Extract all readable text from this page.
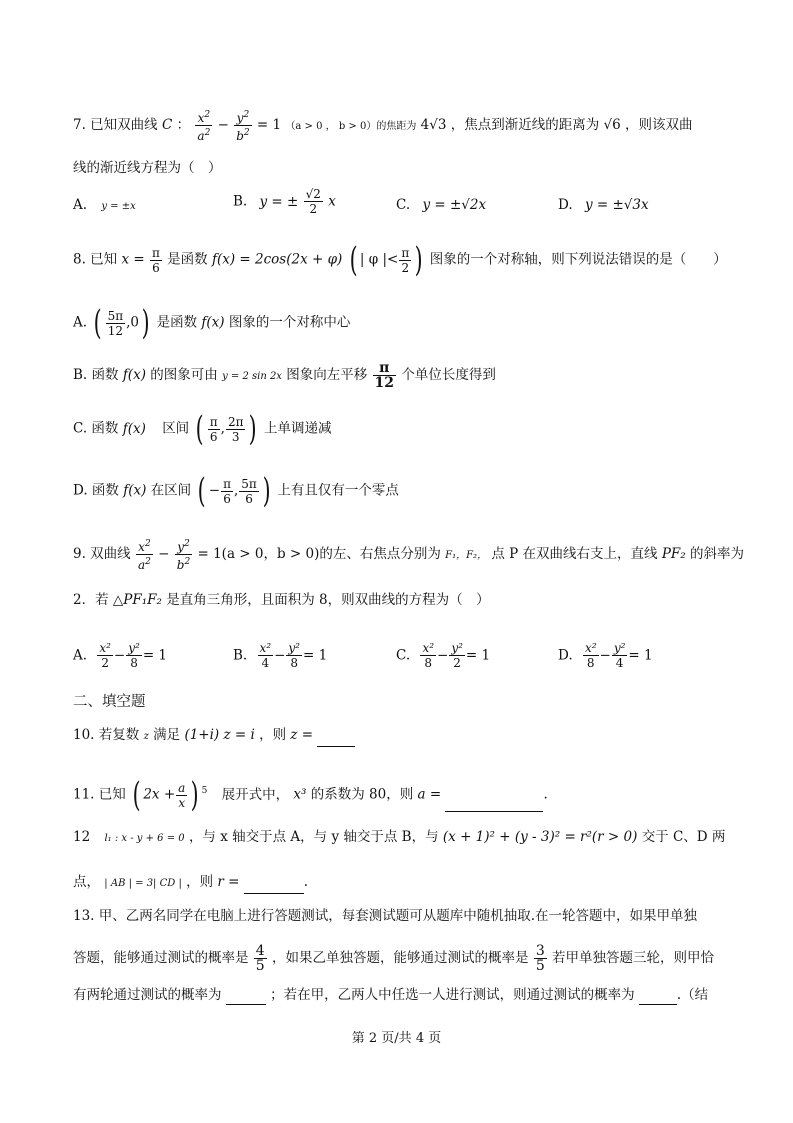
7. 已知双曲线 C ： $\frac{x^2}{a^2} - \frac{y^2}{b^2} = 1$ （a > 0 ， b > 0）的焦距为 4√3 ，焦点到渐近线的距离为 √6 ，则该双曲
线的渐近线方程为（　）
A. y = ±x	B. y = ± $\frac{√2}{2}$ x	C. y = ±√2x	D. y = ±√3x
8. 已知 $x = \frac{\pi}{6}$ 是函数 f(x) = 2cos(2x + φ) ( | φ |< $\frac{\pi}{2}$ ) 图象的一个对称轴，则下列说法错误的是（　　）
A. ( $\frac{5\pi}{12} ,0$) 是函数 f(x) 图象的一个对称中心
B. 函数 f(x) 的图象可由 y = 2 sin 2x 图象向左平移 $\frac{\pi}{12}$ 个单位长度得到
C. 函数 f(x) 区间 ( $\frac{\pi}{6}$ , $\frac{2\pi}{3}$ ) 上单调递减
D. 函数 f(x) 在区间 ( − $\frac{\pi}{6}$ , $\frac{5\pi}{6}$ ) 上有且仅有一个零点
9. 双曲线 $\frac{x^2}{a^2} - \frac{y^2}{b^2} = 1(a > 0$，b > 0)的左、右焦点分别为 F₁，F₂， 点 P 在双曲线右支上，直线 PF₂ 的斜率为
2．若 △PF₁F₂ 是直角三角形，且面积为 8，则双曲线的方程为（　）
A. $\frac{\text{x²}}{2} - \frac{\text{y²}}{8} = 1$	B. $\frac{\text{x²}}{4} - \frac{\text{y²}}{8} = 1$	C. $\frac{\text{x²}}{8} - \frac{\text{y²}}{2} = 1$	D. $\frac{\text{x²}}{8} - \frac{\text{y²}}{4} = 1$
二、填空题
10. 若复数 z 满足 (1+i) z = i ，则 z =
11. 已知 ( $2x + \frac{a}{x}$ ) $^5$ 展开式中， x³ 的系数为 80，则 a =	.
12 l₁ : x - y + 6 = 0 ，与 x 轴交于点 A，与 y 轴交于点 B，与 (x + 1)² + (y - 3)² = r²(r > 0) 交于 C、D 两
点， | AB | = 3| CD | ，则 r =	.
13. 甲、乙两名同学在电脑上进行答题测试，每套测试题可从题库中随机抽取.在一轮答题中，如果甲单独
答题，能够通过测试的概率是 $\frac{4}{5}$ ，如果乙单独答题，能够通过测试的概率是 $\frac{3}{5}$ 若甲单独答题三轮，则甲恰
有两轮通过测试的概率为	；若在甲，乙两人中任选一人进行测试，则通过测试的概率为	.（结
第 2 页/共 4 页
